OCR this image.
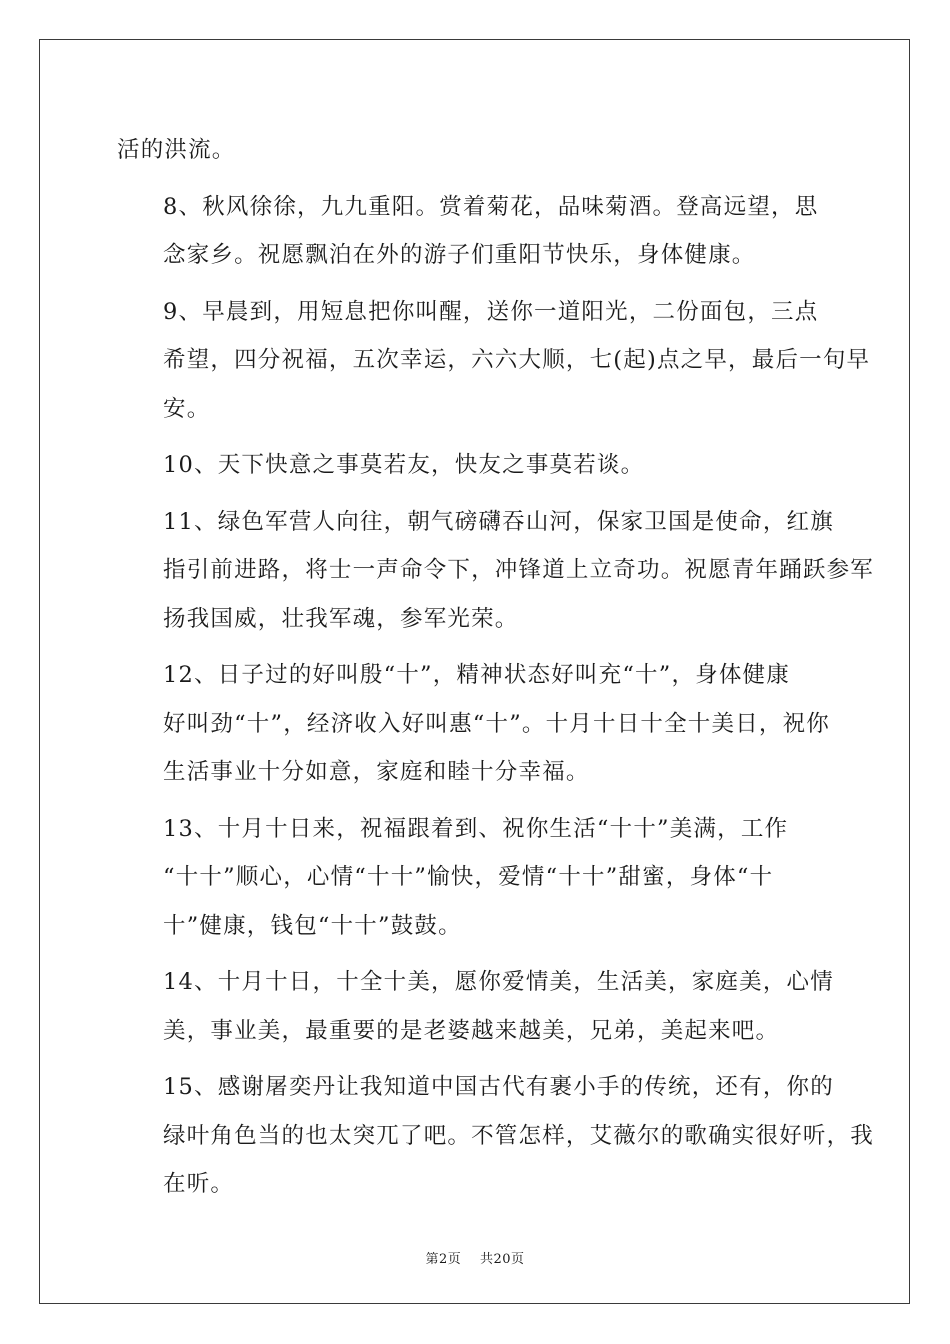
活的洪流。

8、秋风徐徐，九九重阳。赏着菊花，品味菊酒。登高远望，思
念家乡。祝愿飘泊在外的游子们重阳节快乐，身体健康。

9、早晨到，用短息把你叫醒，送你一道阳光，二份面包，三点
希望，四分祝福，五次幸运，六六大顺，七(起)点之早，最后一句早
安。

10、天下快意之事莫若友，快友之事莫若谈。

11、绿色军营人向往，朝气磅礴吞山河，保家卫国是使命，红旗
指引前进路，将士一声命令下，冲锋道上立奇功。祝愿青年踊跃参军
扬我国威，壮我军魂，参军光荣。

12、日子过的好叫殷“十”，精神状态好叫充“十”，身体健康
好叫劲“十”，经济收入好叫惠“十”。十月十日十全十美日，祝你
生活事业十分如意，家庭和睦十分幸福。

13、十月十日来，祝福跟着到、祝你生活“十十”美满，工作
“十十”顺心，心情“十十”愉快，爱情“十十”甜蜜，身体“十
十”健康，钱包“十十”鼓鼓。

14、十月十日，十全十美，愿你爱情美，生活美，家庭美，心情
美，事业美，最重要的是老婆越来越美，兄弟，美起来吧。

15、感谢屠奕丹让我知道中国古代有裹小手的传统，还有，你的
绿叶角色当的也太突兀了吧。不管怎样，艾薇尔的歌确实很好听，我
在听。

第2页 共20页
